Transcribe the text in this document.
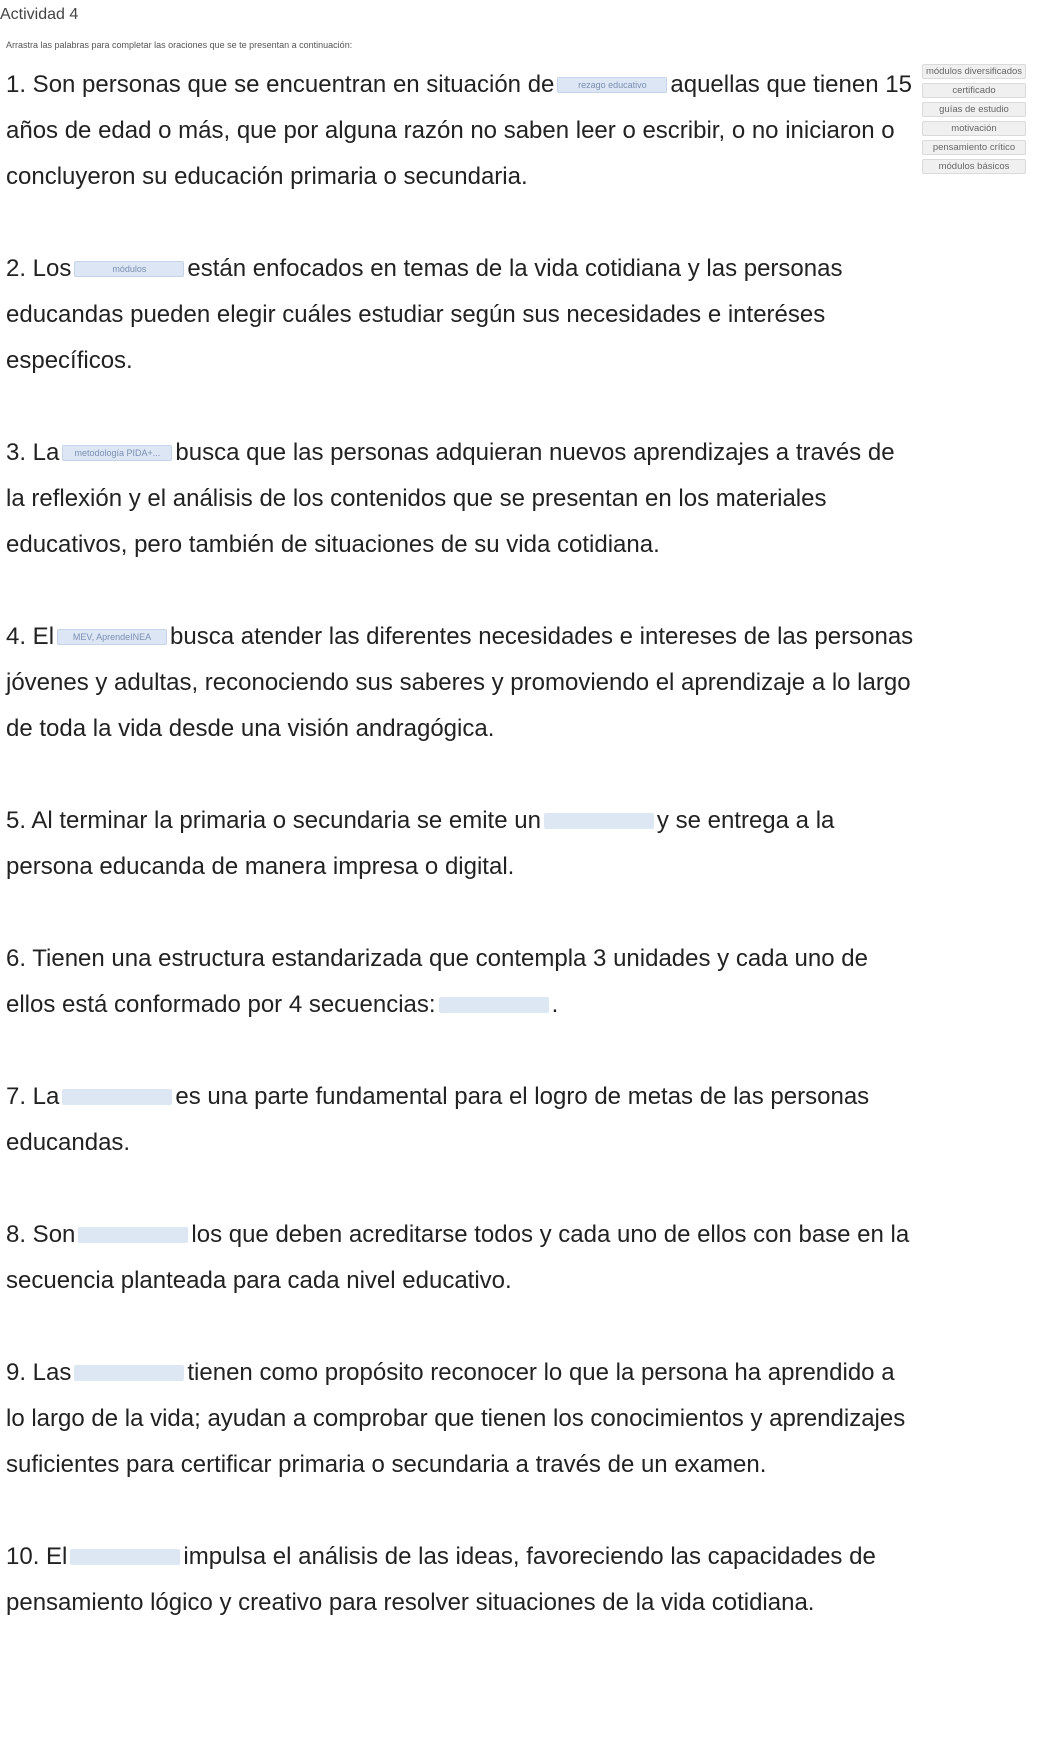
Actividad 4
Arrastra las palabras para completar las oraciones que se te presentan a continuación:

1. Son personas que se encuentran en situación de	rezago educativo aquellas que tienen 15 años de edad o más, que por alguna razón no saben leer o escribir, o no iniciaron o concluyeron su educación primaria o secundaria.

2. Los	módulos están enfocados en temas de la vida cotidiana y las personas educandas pueden elegir cuáles estudiar según sus necesidades e interéses específicos.

3. La metodología PIDA+... busca que las personas adquieran nuevos aprendizajes a través de la reflexión y el análisis de los contenidos que se presentan en los materiales educativos, pero también de situaciones de su vida cotidiana.

4. El MEV, AprendeINEA busca atender las diferentes necesidades e intereses de las personas jóvenes y adultas, reconociendo sus saberes y promoviendo el aprendizaje a lo largo de toda la vida desde una visión andragógica.

5. Al terminar la primaria o secundaria se emite un	y se entrega a la persona educanda de manera impresa o digital.

6. Tienen una estructura estandarizada que contempla 3 unidades y cada uno de ellos está conformado por 4 secuencias:	.

7. La	es una parte fundamental para el logro de metas de las personas educandas.

8. Son	los que deben acreditarse todos y cada uno de ellos con base en la secuencia planteada para cada nivel educativo.

9. Las	tienen como propósito reconocer lo que la persona ha aprendido a lo largo de la vida; ayudan a comprobar que tienen los conocimientos y aprendizajes suficientes para certificar primaria o secundaria a través de un examen.

10. El	impulsa el análisis de las ideas, favoreciendo las capacidades de pensamiento lógico y creativo para resolver situaciones de la vida cotidiana.

módulos diversificados
certificado
guías de estudio
motivación
pensamiento crítico
módulos básicos
